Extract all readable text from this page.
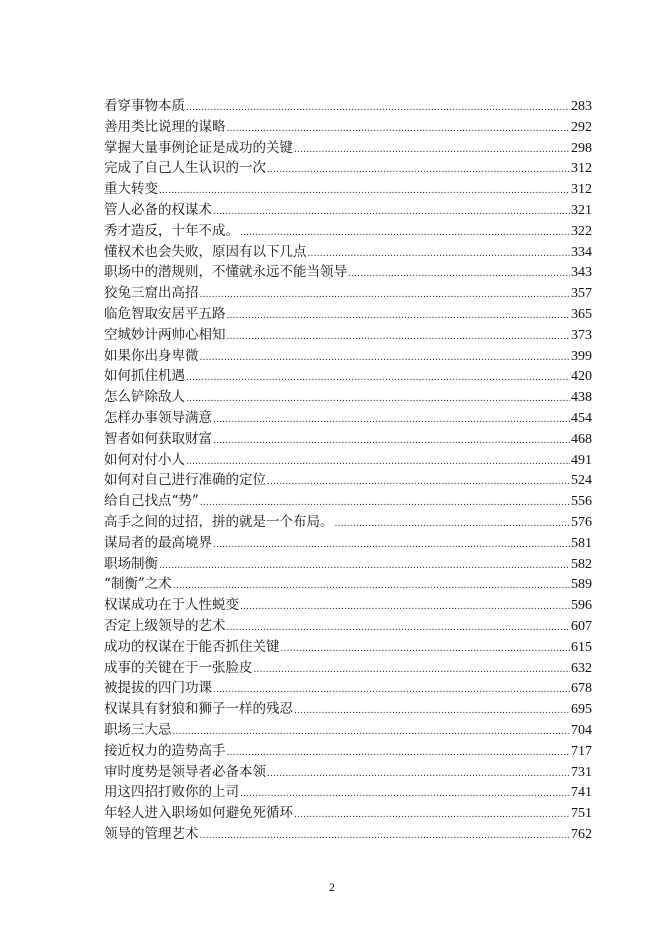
看穿事物本质 .....	283
善用类比说理的谋略 .....	292
掌握大量事例论证是成功的关键 .....	298
完成了自己人生认识的一次 .....	312
重大转变 .....	312
管人必备的权谋术 .....	321
秀才造反，十年不成。 .....	322
懂权术也会失败，原因有以下几点 .....	334
职场中的潜规则，不懂就永远不能当领导 .....	343
狡兔三窟出高招 .....	357
临危智取安居平五路 .....	365
空城妙计两帅心相知 .....	373
如果你出身卑微 .....	399
如何抓住机遇 .....	420
怎么铲除敌人 .....	438
怎样办事领导满意 .....	454
智者如何获取财富 .....	468
如何对付小人 .....	491
如何对自己进行准确的定位 .....	524
给自己找点“势” .....	556
高手之间的过招，拼的就是一个布局。 .....	576
谋局者的最高境界 .....	581
职场制衡 .....	582
“制衡”之术 .....	589
权谋成功在于人性蜕变 .....	596
否定上级领导的艺术 .....	607
成功的权谋在于能否抓住关键 .....	615
成事的关键在于一张脸皮 .....	632
被提拔的四门功课 .....	678
权谋具有豺狼和狮子一样的残忍 .....	695
职场三大忌 .....	704
接近权力的造势高手 .....	717
审时度势是领导者必备本领 .....	731
用这四招打败你的上司 .....	741
年轻人进入职场如何避免死循环 .....	751
领导的管理艺术 .....	762
2
